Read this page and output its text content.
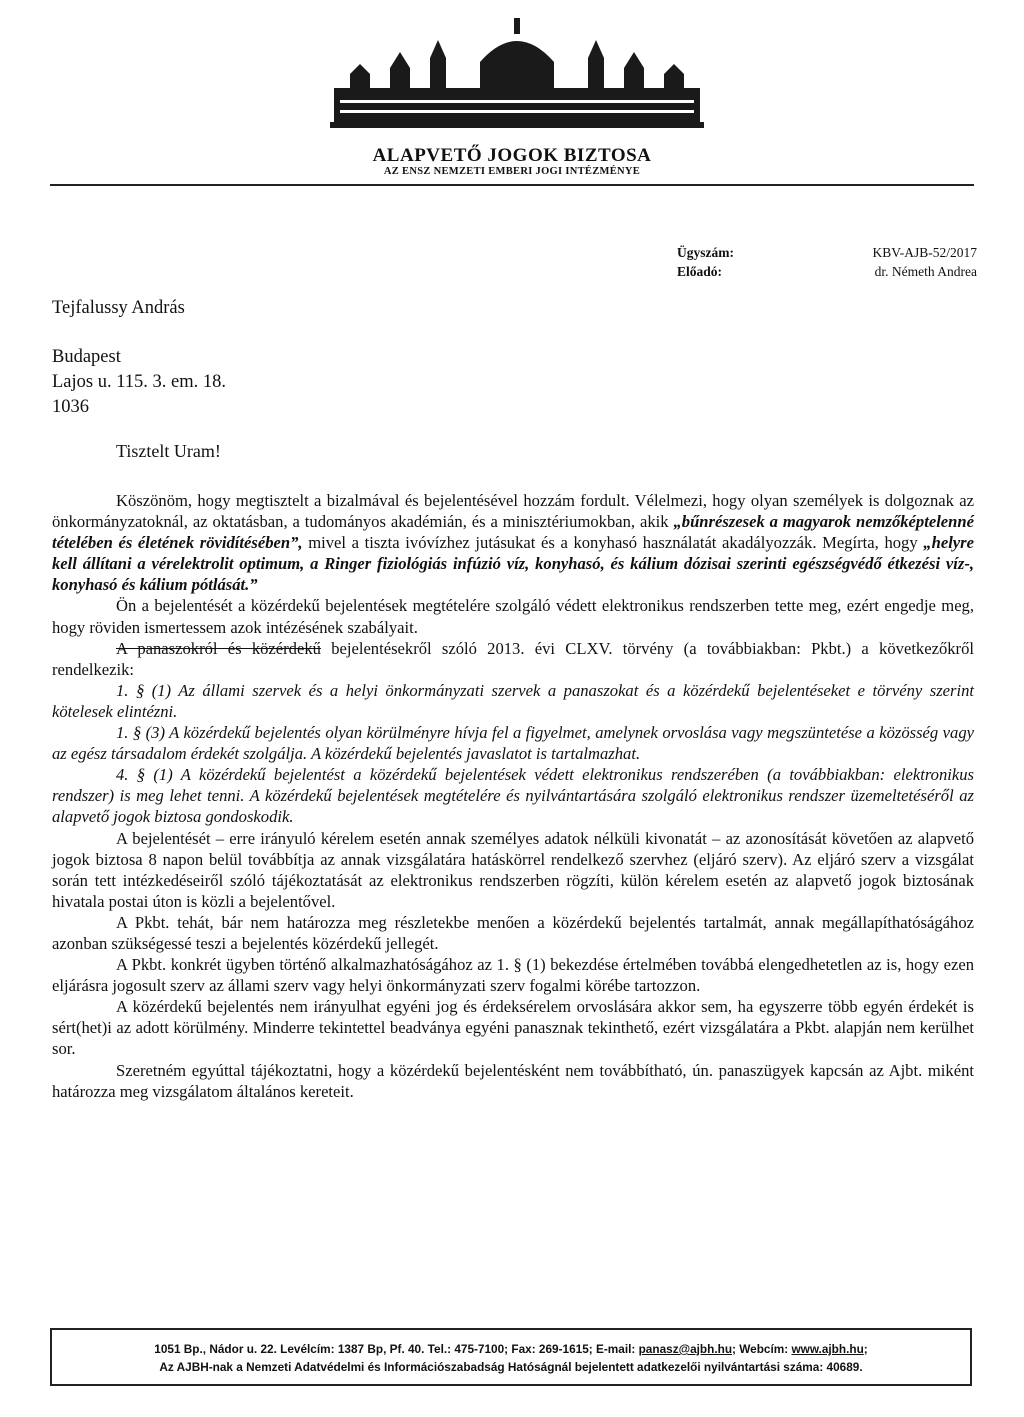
ALAPVETŐ JOGOK BIZTOSA
AZ ENSZ NEMZETI EMBERI JOGI INTÉZMÉNYE
Ügyszám:	KBV-AJB-52/2017
Előadó:	dr. Németh Andrea
Tejfalussy András
Budapest
Lajos u. 115. 3. em. 18.
1036
Tisztelt Uram!

Köszönöm, hogy megtisztelt a bizalmával és bejelentésével hozzám fordult. Vélelmezi, hogy olyan személyek is dolgoznak az önkormányzatoknál, az oktatásban, a tudományos akadémián, és a minisztériumokban, akik „bűnrészesek a magyarok nemzőképtelenné tételében és életének rövidítésében”, mivel a tiszta ivóvízhez jutásukat és a konyhasó használatát akadályozzák. Megírta, hogy „helyre kell állítani a vérelektrolit optimum, a Ringer fiziológiás infúzió víz, konyhasó, és kálium dózisai szerinti egészségvédő étkezési víz-, konyhasó és kálium pótlását.”

Ön a bejelentését a közérdekű bejelentések megtételére szolgáló védett elektronikus rendszerben tette meg, ezért engedje meg, hogy röviden ismertessem azok intézésének szabályait.

A panaszokról és közérdekű bejelentésekről szóló 2013. évi CLXV. törvény (a továbbiakban: Pkbt.) a következőkről rendelkezik:

1. § (1) Az állami szervek és a helyi önkormányzati szervek a panaszokat és a közérdekű bejelentéseket e törvény szerint kötelesek elintézni.

1. § (3) A közérdekű bejelentés olyan körülményre hívja fel a figyelmet, amelynek orvoslása vagy megszüntetése a közösség vagy az egész társadalom érdekét szolgálja. A közérdekű bejelentés javaslatot is tartalmazhat.

4. § (1) A közérdekű bejelentést a közérdekű bejelentések védett elektronikus rendszerében (a továbbiakban: elektronikus rendszer) is meg lehet tenni. A közérdekű bejelentések megtételére és nyilvántartására szolgáló elektronikus rendszer üzemeltetéséről az alapvető jogok biztosa gondoskodik.

A bejelentését – erre irányuló kérelem esetén annak személyes adatok nélküli kivonatát – az azonosítását követően az alapvető jogok biztosa 8 napon belül továbbítja az annak vizsgálatára hatáskörrel rendelkező szervhez (eljáró szerv). Az eljáró szerv a vizsgálat során tett intézkedéseiről szóló tájékoztatását az elektronikus rendszerben rögzíti, külön kérelem esetén az alapvető jogok biztosának hivatala postai úton is közli a bejelentővel.

A Pkbt. tehát, bár nem határozza meg részletekbe menően a közérdekű bejelentés tartalmát, annak megállapíthatóságához azonban szükségessé teszi a bejelentés közérdekű jellegét.

A Pkbt. konkrét ügyben történő alkalmazhatóságához az 1. § (1) bekezdése értelmében továbbá elengedhetetlen az is, hogy ezen eljárásra jogosult szerv az állami szerv vagy helyi önkormányzati szerv fogalmi körébe tartozzon.

A közérdekű bejelentés nem irányulhat egyéni jog és érdeksérelem orvoslására akkor sem, ha egyszerre több egyén érdekét is sért(het)i az adott körülmény. Minderre tekintettel beadványa egyéni panasznak tekinthető, ezért vizsgálatára a Pkbt. alapján nem kerülhet sor.

Szeretném egyúttal tájékoztatni, hogy a közérdekű bejelentésként nem továbbítható, ún. panaszügyek kapcsán az Ajbt. miként határozza meg vizsgálatom általános kereteit.

1051 Bp., Nádor u. 22. Levélcím: 1387 Bp, Pf. 40. Tel.: 475-7100; Fax: 269-1615; E-mail: panasz@ajbh.hu; Webcím: www.ajbh.hu;
Az AJBH-nak a Nemzeti Adatvédelmi és Információszabadság Hatóságnál bejelentett adatkezelői nyilvántartási száma: 40689.
